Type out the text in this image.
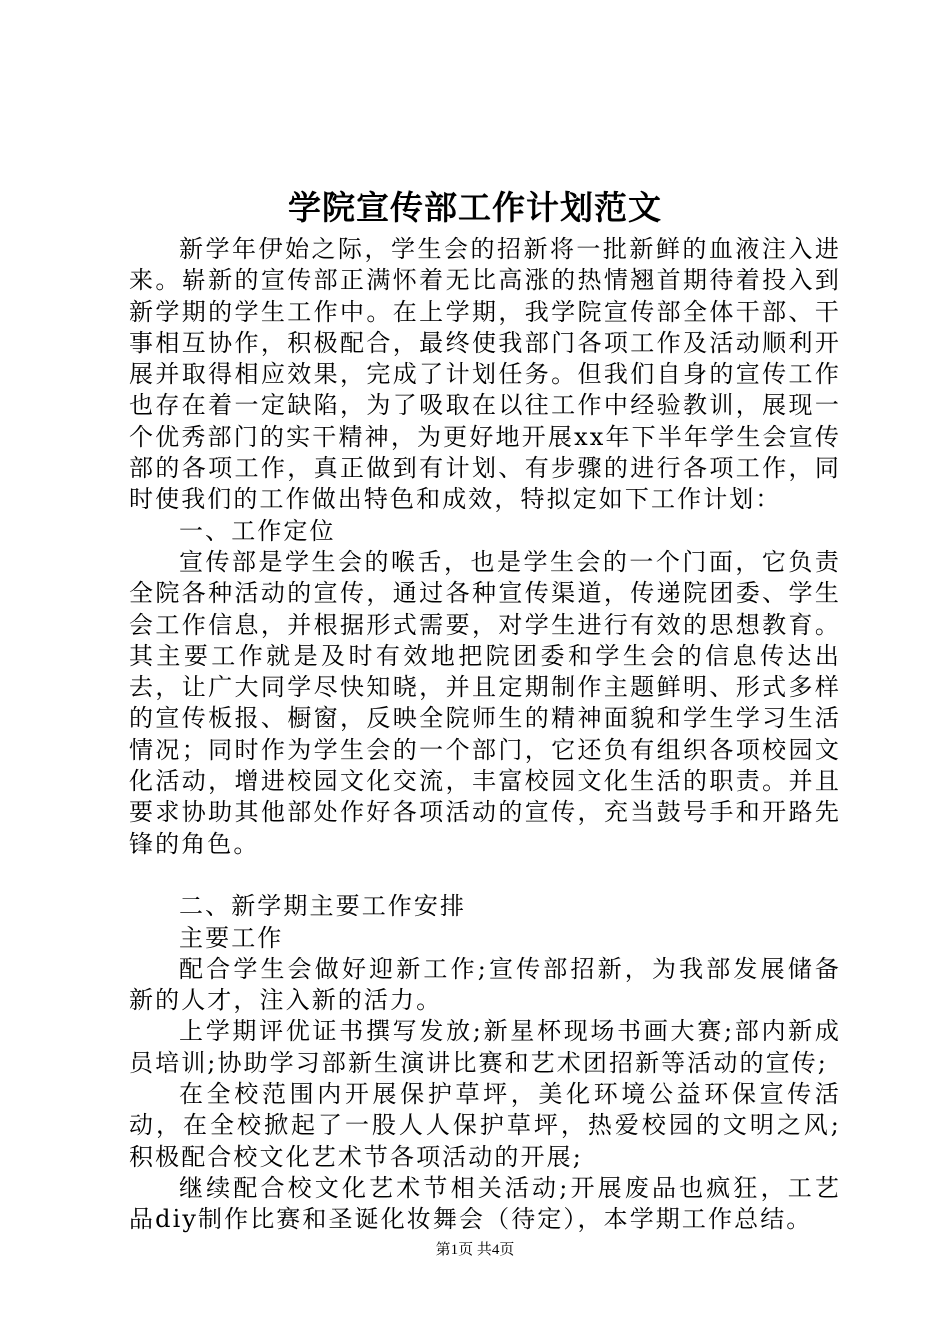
学院宣传部工作计划范文

新学年伊始之际，学生会的招新将一批新鲜的血液注入进来。崭新的宣传部正满怀着无比高涨的热情翘首期待着投入到新学期的学生工作中。在上学期，我学院宣传部全体干部、干事相互协作，积极配合，最终使我部门各项工作及活动顺利开展并取得相应效果，完成了计划任务。但我们自身的宣传工作也存在着一定缺陷，为了吸取在以往工作中经验教训，展现一个优秀部门的实干精神，为更好地开展xx年下半年学生会宣传部的各项工作，真正做到有计划、有步骤的进行各项工作，同时使我们的工作做出特色和成效，特拟定如下工作计划：

一、工作定位

宣传部是学生会的喉舌，也是学生会的一个门面，它负责全院各种活动的宣传，通过各种宣传渠道，传递院团委、学生会工作信息，并根据形式需要，对学生进行有效的思想教育。其主要工作就是及时有效地把院团委和学生会的信息传达出去，让广大同学尽快知晓，并且定期制作主题鲜明、形式多样的宣传板报、橱窗，反映全院师生的精神面貌和学生学习生活情况；同时作为学生会的一个部门，它还负有组织各项校园文化活动，增进校园文化交流，丰富校园文化生活的职责。并且要求协助其他部处作好各项活动的宣传，充当鼓号手和开路先锋的角色。

二、新学期主要工作安排

主要工作

配合学生会做好迎新工作;宣传部招新，为我部发展储备新的人才，注入新的活力。

上学期评优证书撰写发放;新星杯现场书画大赛;部内新成员培训;协助学习部新生演讲比赛和艺术团招新等活动的宣传;

在全校范围内开展保护草坪，美化环境公益环保宣传活动，在全校掀起了一股人人保护草坪，热爱校园的文明之风;积极配合校文化艺术节各项活动的开展;

继续配合校文化艺术节相关活动;开展废品也疯狂，工艺品diy制作比赛和圣诞化妆舞会（待定），本学期工作总结。

第1页 共4页
